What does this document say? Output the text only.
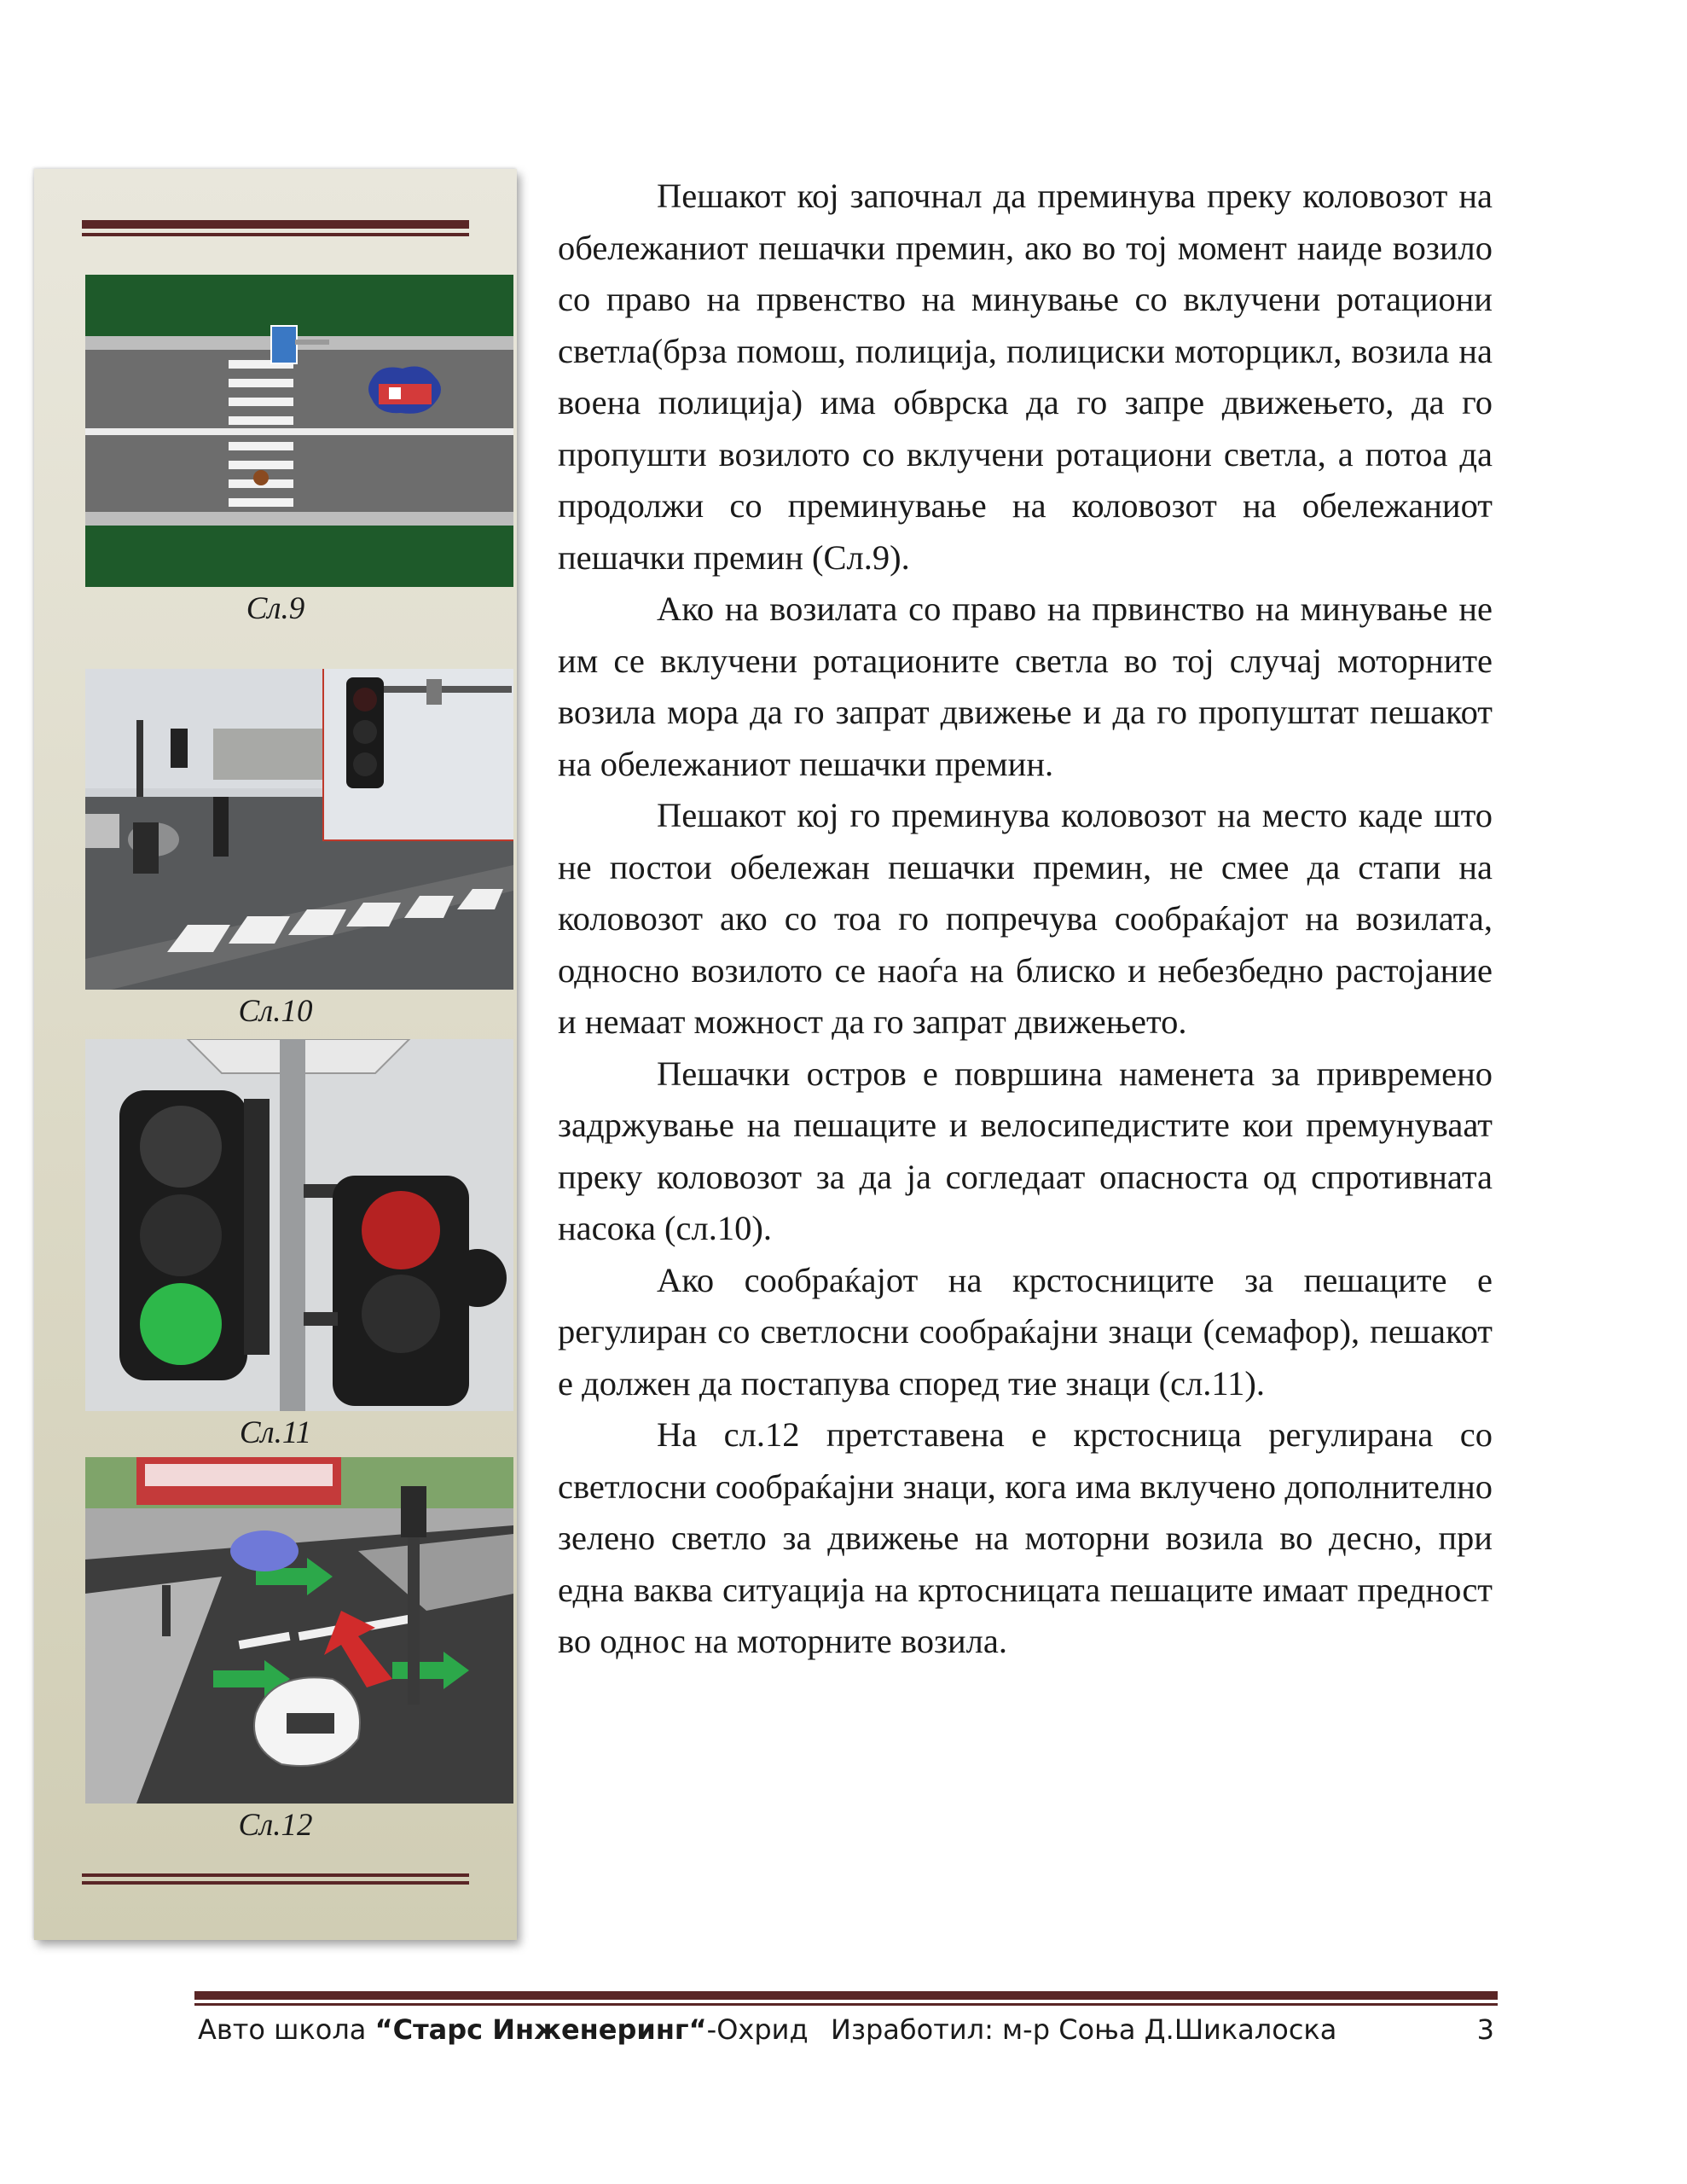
Сл.9
Сл.10
Сл.11
Сл.12

Пешакот кој започнал да преминува преку коловозот на обележаниот пешачки премин, ако во тој момент наиде возило со право на првенство на минување со вклучени ротациони светла(брза помош, полиција, полициски моторцикл, возила на воена полиција) има обврска да го запре движењето, да го пропушти возилото со вклучени ротациони светла, а потоа да продолжи со преминување на коловозот на обележаниот пешачки премин (Сл.9).

Ако на возилата со право на првинство на минување не им се вклучени ротационите светла во тој случај моторните возила мора да го запрат движење и да го пропуштат пешакот на обележаниот пешачки премин.

Пешакот кој го преминува коловозот на место каде што не постои обележан пешачки премин, не смее да стапи на коловозот ако со тоа го попречува сообраќајот на возилата, односно возилото се наоѓа на блиско и небезбедно растојание и немаат можност да го запрат движењето.

Пешачки остров е површина наменета за привремено задржување на пешаците и велосипедистите кои премунуваат преку коловозот за да ја согледаат опасноста од спротивната насока (сл.10).

Ако сообраќајот на крстосниците за пешаците е регулиран со светлосни сообраќајни знаци (семафор), пешакот е должен да постапува според тие знаци (сл.11).

На сл.12 претставена е крстосница регулирана со светлосни сообраќајни знаци, кога има вклучено дополнително зелено светло за движење на моторни возила во десно, при една ваква ситуација на кртосницата пешаците имаат предност во однос на моторните возила.

Авто школа “Старс Инженеринг“-Охрид Изработил: м-р Соња Д.Шикалоска	3
